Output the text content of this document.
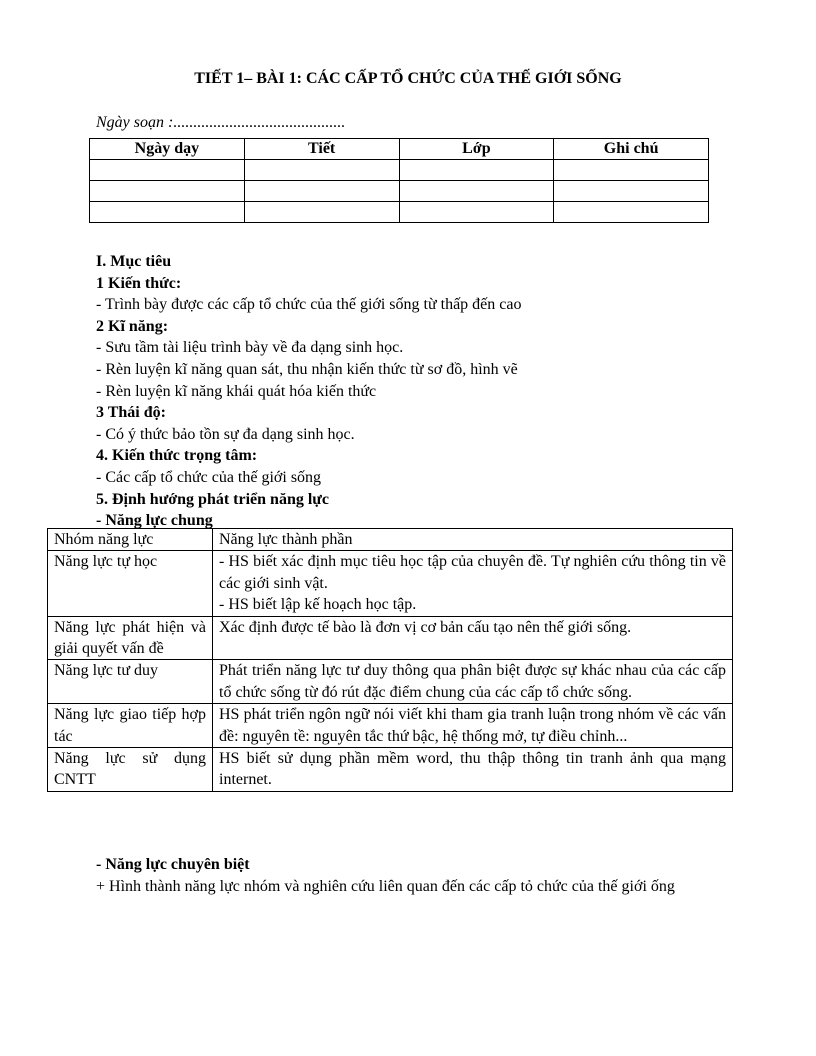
TIẾT 1– BÀI 1: CÁC CẤP TỔ CHỨC CỦA THẾ GIỚI SỐNG
Ngày soạn :...........................................
Ngày dạy	Tiết	Lớp	Ghi chú

I. Mục tiêu
1 Kiến thức:
- Trình bày được các cấp tổ chức của thế giới sống từ thấp đến cao
2 Kĩ năng:
- Sưu tầm tài liệu trình bày về đa dạng sinh học.
- Rèn luyện kĩ năng quan sát, thu nhận kiến thức từ sơ đồ, hình vẽ
- Rèn luyện kĩ năng khái quát hóa kiến thức
3 Thái độ:
- Có ý thức bảo tồn sự đa dạng sinh học.
4. Kiến thức trọng tâm:
- Các cấp tổ chức của thế giới sống
5. Định hướng phát triển năng lực
- Năng lực chung
Nhóm năng lực	Năng lực thành phần
Năng lực tự học	- HS biết xác định mục tiêu học tập của chuyên đề. Tự nghiên cứu thông tin về các giới sinh vật.
- HS biết lập kế hoạch học tập.

Năng lực phát hiện và giải quyết vấn đề	Xác định được tế bào là đơn vị cơ bản cấu tạo nên thế giới sống.
Năng lực tư duy	Phát triển năng lực tư duy thông qua phân biệt được sự khác nhau của các cấp tổ chức sống từ đó rút đặc điểm chung của các cấp tổ chức sống.
Năng lực giao tiếp hợp tác	HS phát triển ngôn ngữ nói viết khi tham gia tranh luận trong nhóm về các vấn đề: nguyên tề: nguyên tắc thứ bậc, hệ thống mở, tự điều chỉnh...
Năng lực sử dụng CNTT	HS biết sử dụng phần mềm word, thu thập thông tin tranh ảnh qua mạng internet.
- Năng lực chuyên biệt
+ Hình thành năng lực nhóm và nghiên cứu liên quan đến các cấp tỏ chức của thế giới ống
